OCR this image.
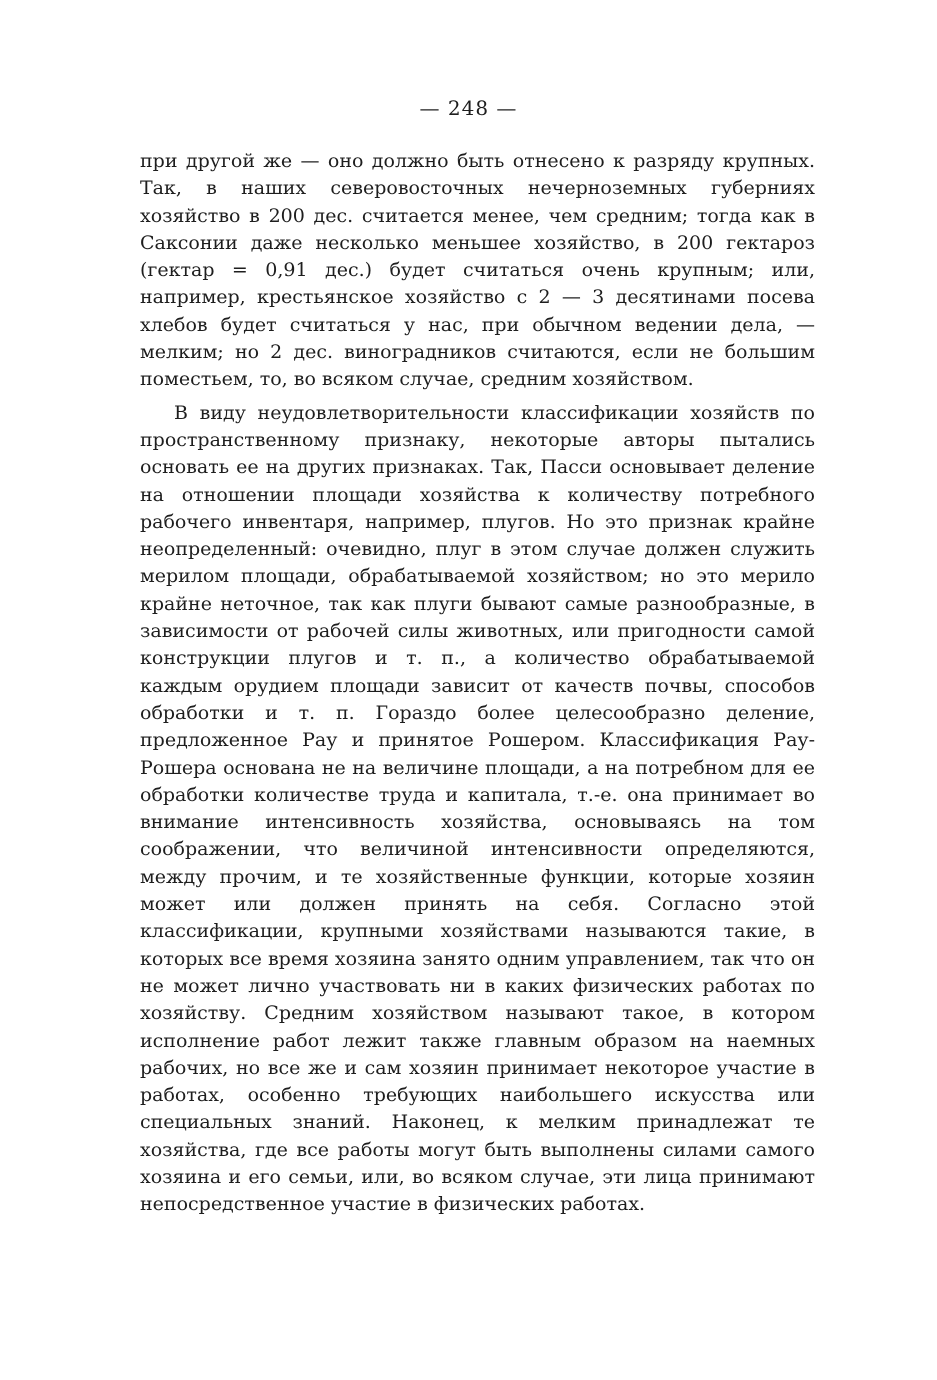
— 248 —

при другой же — оно должно быть отнесено к разряду крупных. Так, в наших северовосточных нечерноземных губерниях хозяйство в 200 дес. считается менее, чем средним; тогда как в Саксонии даже несколько меньшее хозяйство, в 200 гектароз (гектар = 0,91 дес.) будет считаться очень крупным; или, например, крестьянское хозяйство с 2 — 3 десятинами посева хлебов будет считаться у нас, при обычном ведении дела, — мелким; но 2 дес. виноградников считаются, если не большим поместьем, то, во всяком случае, средним хозяйством.

В виду неудовлетворительности классификации хозяйств по пространственному признаку, некоторые авторы пытались основать ее на других признаках. Так, Пасси основывает деление на отношении площади хозяйства к количеству потребного рабочего инвентаря, например, плугов. Но это признак крайне неопределенный: очевидно, плуг в этом случае должен служить мерилом площади, обрабатываемой хозяйством; но это мерило крайне неточное, так как плуги бывают самые разнообразные, в зависимости от рабочей силы животных, или пригодности самой конструкции плугов и т. п., а количество обрабатываемой каждым орудием площади зависит от качеств почвы, способов обработки и т. п. Гораздо более целесообразно деление, предложенное Рау и принятое Рошером. Классификация Рау-Рошера основана не на величине площади, а на потребном для ее обработки количестве труда и капитала, т.-е. она принимает во внимание интенсивность хозяйства, основываясь на том соображении, что величиной интенсивности определяются, между прочим, и те хозяйственные функции, которые хозяин может или должен принять на себя. Согласно этой классификации, крупными хозяйствами называются такие, в которых все время хозяина занято одним управлением, так что он не может лично участвовать ни в каких физических работах по хозяйству. Средним хозяйством называют такое, в котором исполнение работ лежит также главным образом на наемных рабочих, но все же и сам хозяин принимает некоторое участие в работах, особенно требующих наибольшего искусства или специальных знаний. Наконец, к мелким принадлежат те хозяйства, где все работы могут быть выполнены силами самого хозяина и его семьи, или, во всяком случае, эти лица принимают непосредственное участие в физических работах.
